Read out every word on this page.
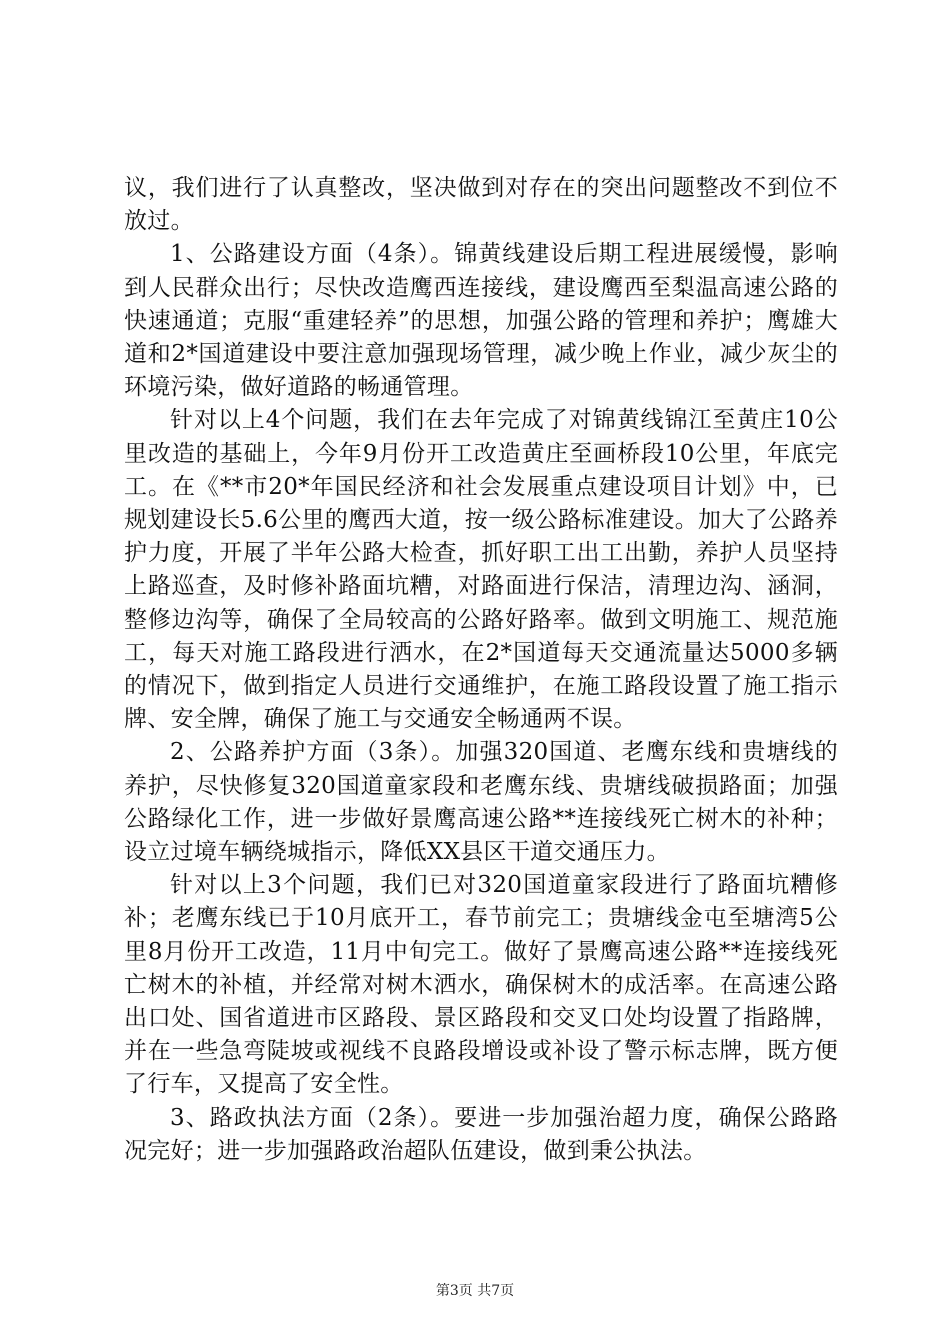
议，我们进行了认真整改，坚决做到对存在的突出问题整改不到位不放过。

1、公路建设方面（4条）。锦黄线建设后期工程进展缓慢，影响到人民群众出行；尽快改造鹰西连接线，建设鹰西至梨温高速公路的快速通道；克服“重建轻养”的思想，加强公路的管理和养护；鹰雄大道和2*国道建设中要注意加强现场管理，减少晚上作业，减少灰尘的环境污染，做好道路的畅通管理。

针对以上4个问题，我们在去年完成了对锦黄线锦江至黄庄10公里改造的基础上，今年9月份开工改造黄庄至画桥段10公里，年底完工。在《**市20*年国民经济和社会发展重点建设项目计划》中，已规划建设长5.6公里的鹰西大道，按一级公路标准建设。加大了公路养护力度，开展了半年公路大检查，抓好职工出工出勤，养护人员坚持上路巡查，及时修补路面坑糟，对路面进行保洁，清理边沟、涵洞，整修边沟等，确保了全局较高的公路好路率。做到文明施工、规范施工，每天对施工路段进行洒水，在2*国道每天交通流量达5000多辆的情况下，做到指定人员进行交通维护，在施工路段设置了施工指示牌、安全牌，确保了施工与交通安全畅通两不误。

2、公路养护方面（3条）。加强320国道、老鹰东线和贵塘线的养护，尽快修复320国道童家段和老鹰东线、贵塘线破损路面；加强公路绿化工作，进一步做好景鹰高速公路**连接线死亡树木的补种；设立过境车辆绕城指示，降低XX县区干道交通压力。

针对以上3个问题，我们已对320国道童家段进行了路面坑糟修补；老鹰东线已于10月底开工，春节前完工；贵塘线金屯至塘湾5公里8月份开工改造，11月中旬完工。做好了景鹰高速公路**连接线死亡树木的补植，并经常对树木洒水，确保树木的成活率。在高速公路出口处、国省道进市区路段、景区路段和交叉口处均设置了指路牌，并在一些急弯陡坡或视线不良路段增设或补设了警示标志牌，既方便了行车，又提高了安全性。

3、路政执法方面（2条）。要进一步加强治超力度，确保公路路况完好；进一步加强路政治超队伍建设，做到秉公执法。

第3页 共7页
